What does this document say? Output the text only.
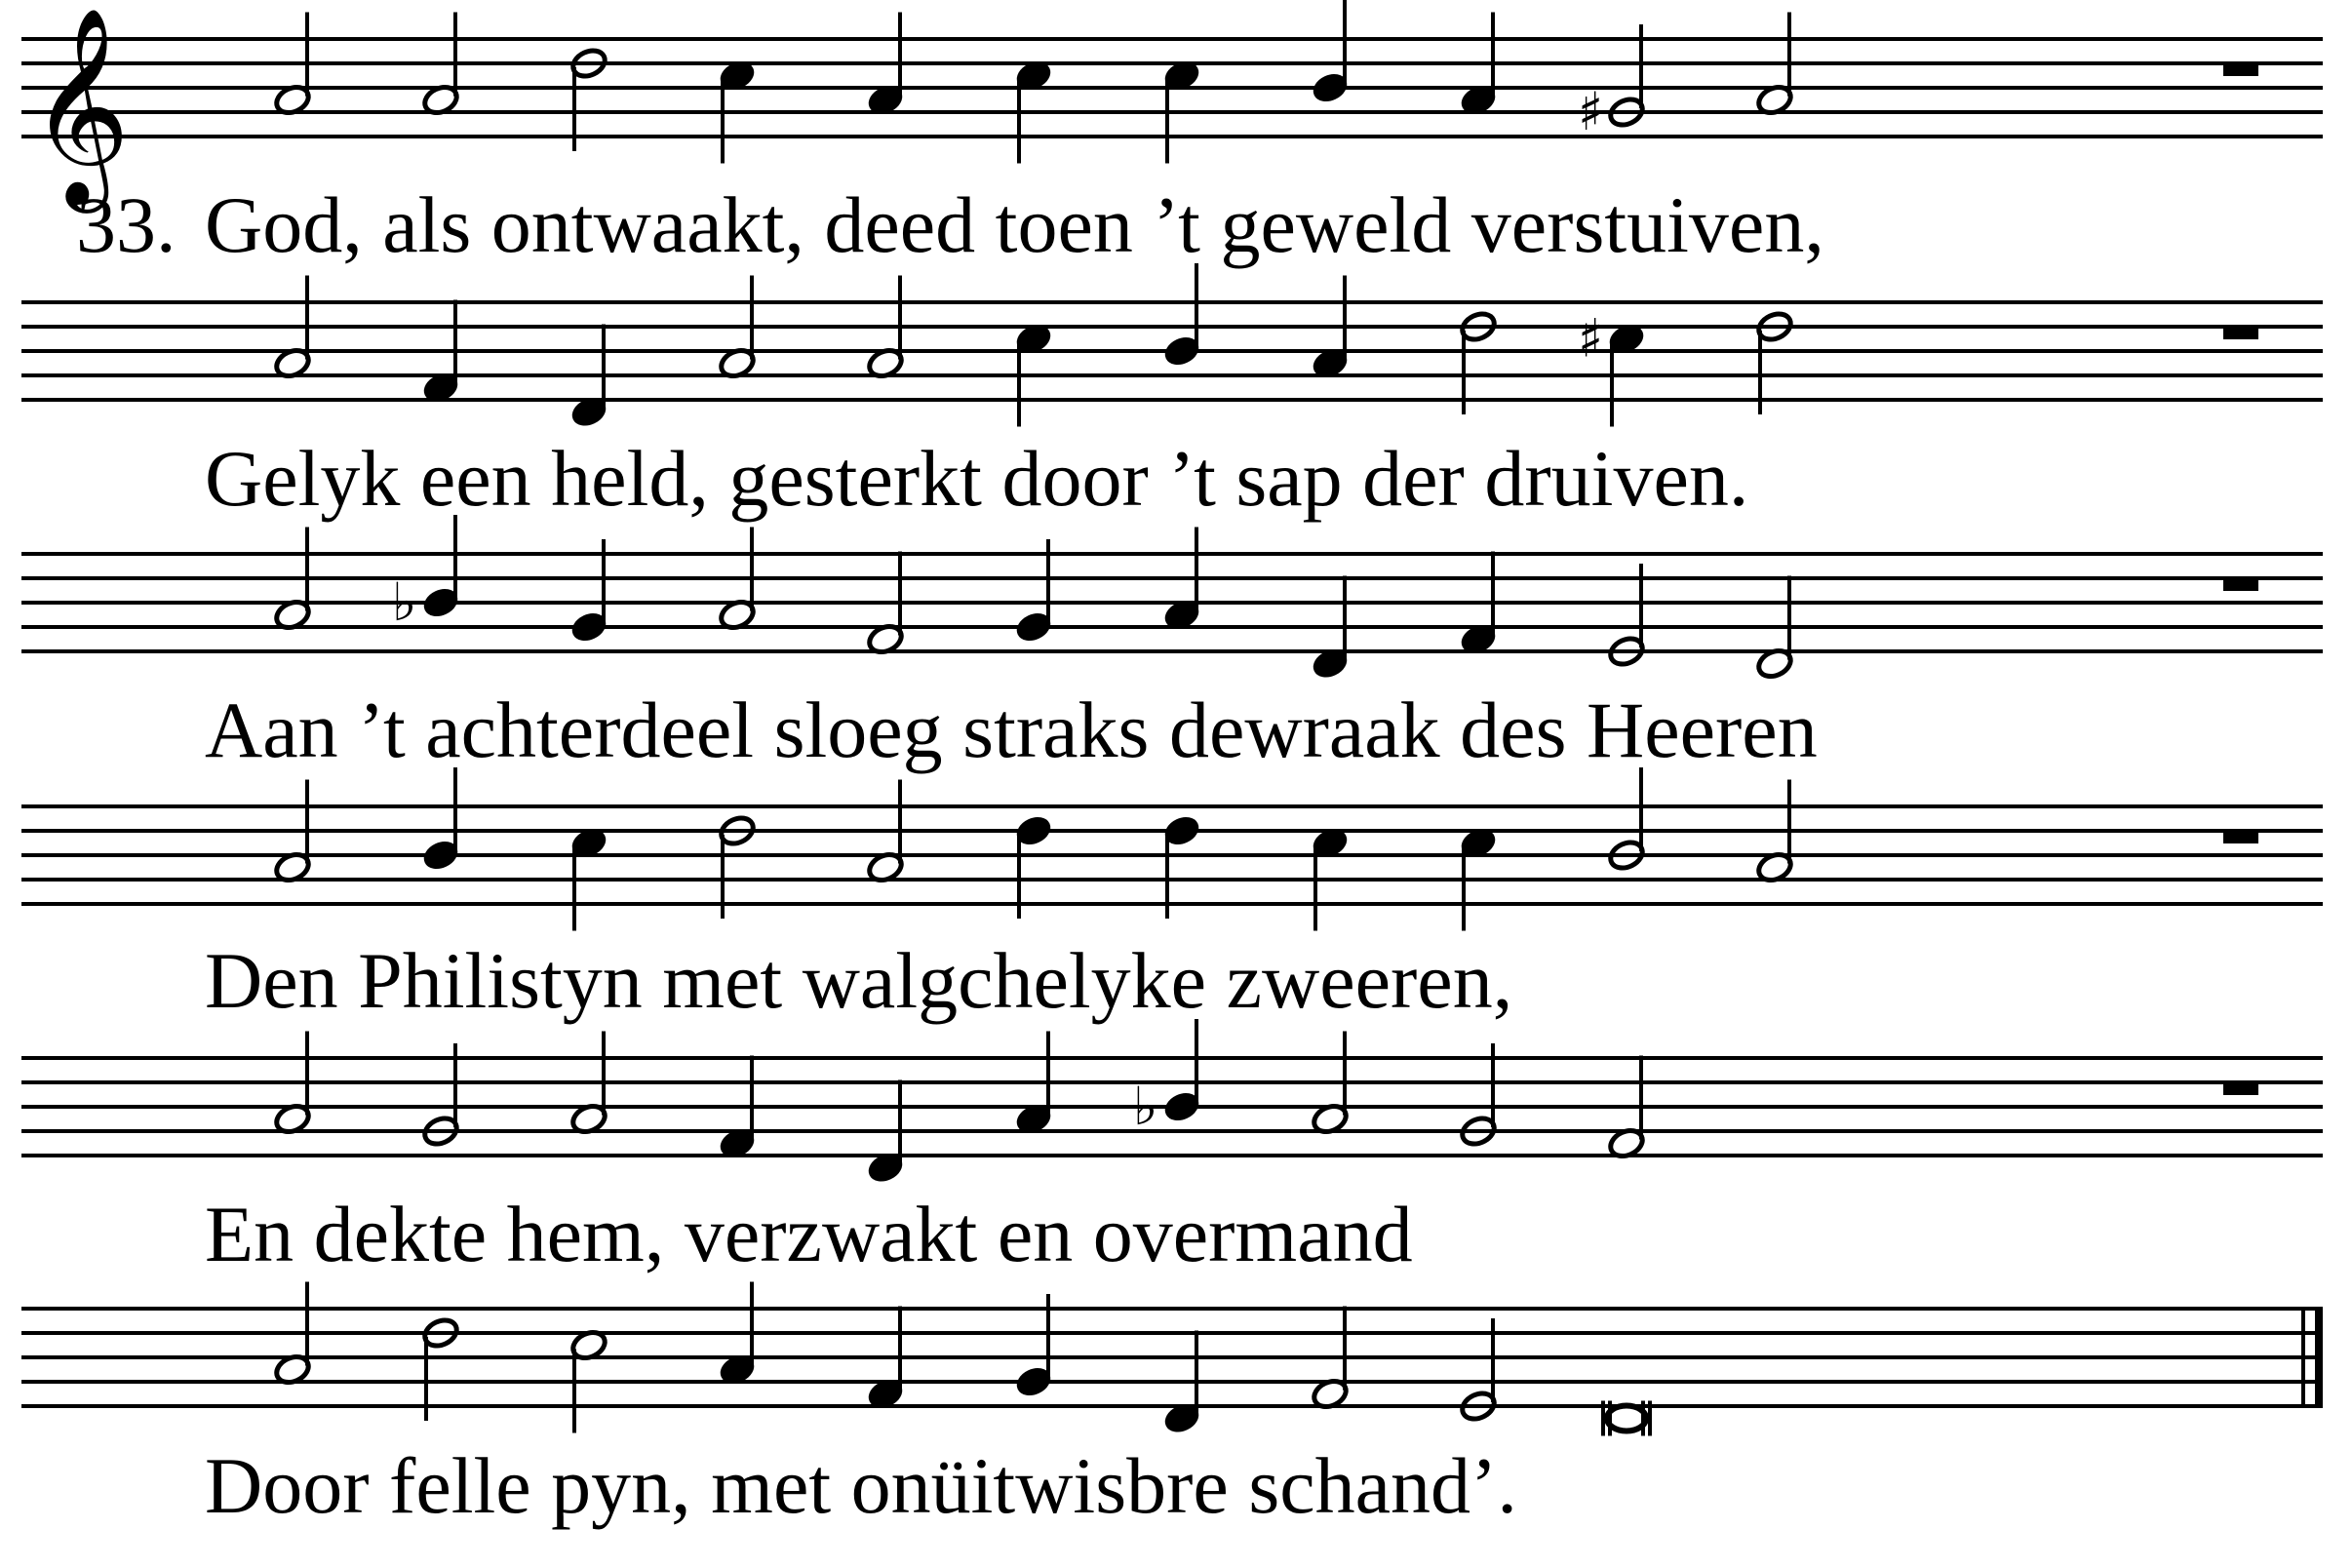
𝄞	♯
♯
♭
♭
33. God, als ontwaakt, deed toen ’t geweld verstuiven,
Gelyk een held, gesterkt door ’t sap der druiven.
Aan ’t achterdeel sloeg straks dewraak des Heeren
Den Philistyn met walgchelyke zweeren,
En dekte hem, verzwakt en overmand
Door felle pyn, met onüitwisbre schand’.
